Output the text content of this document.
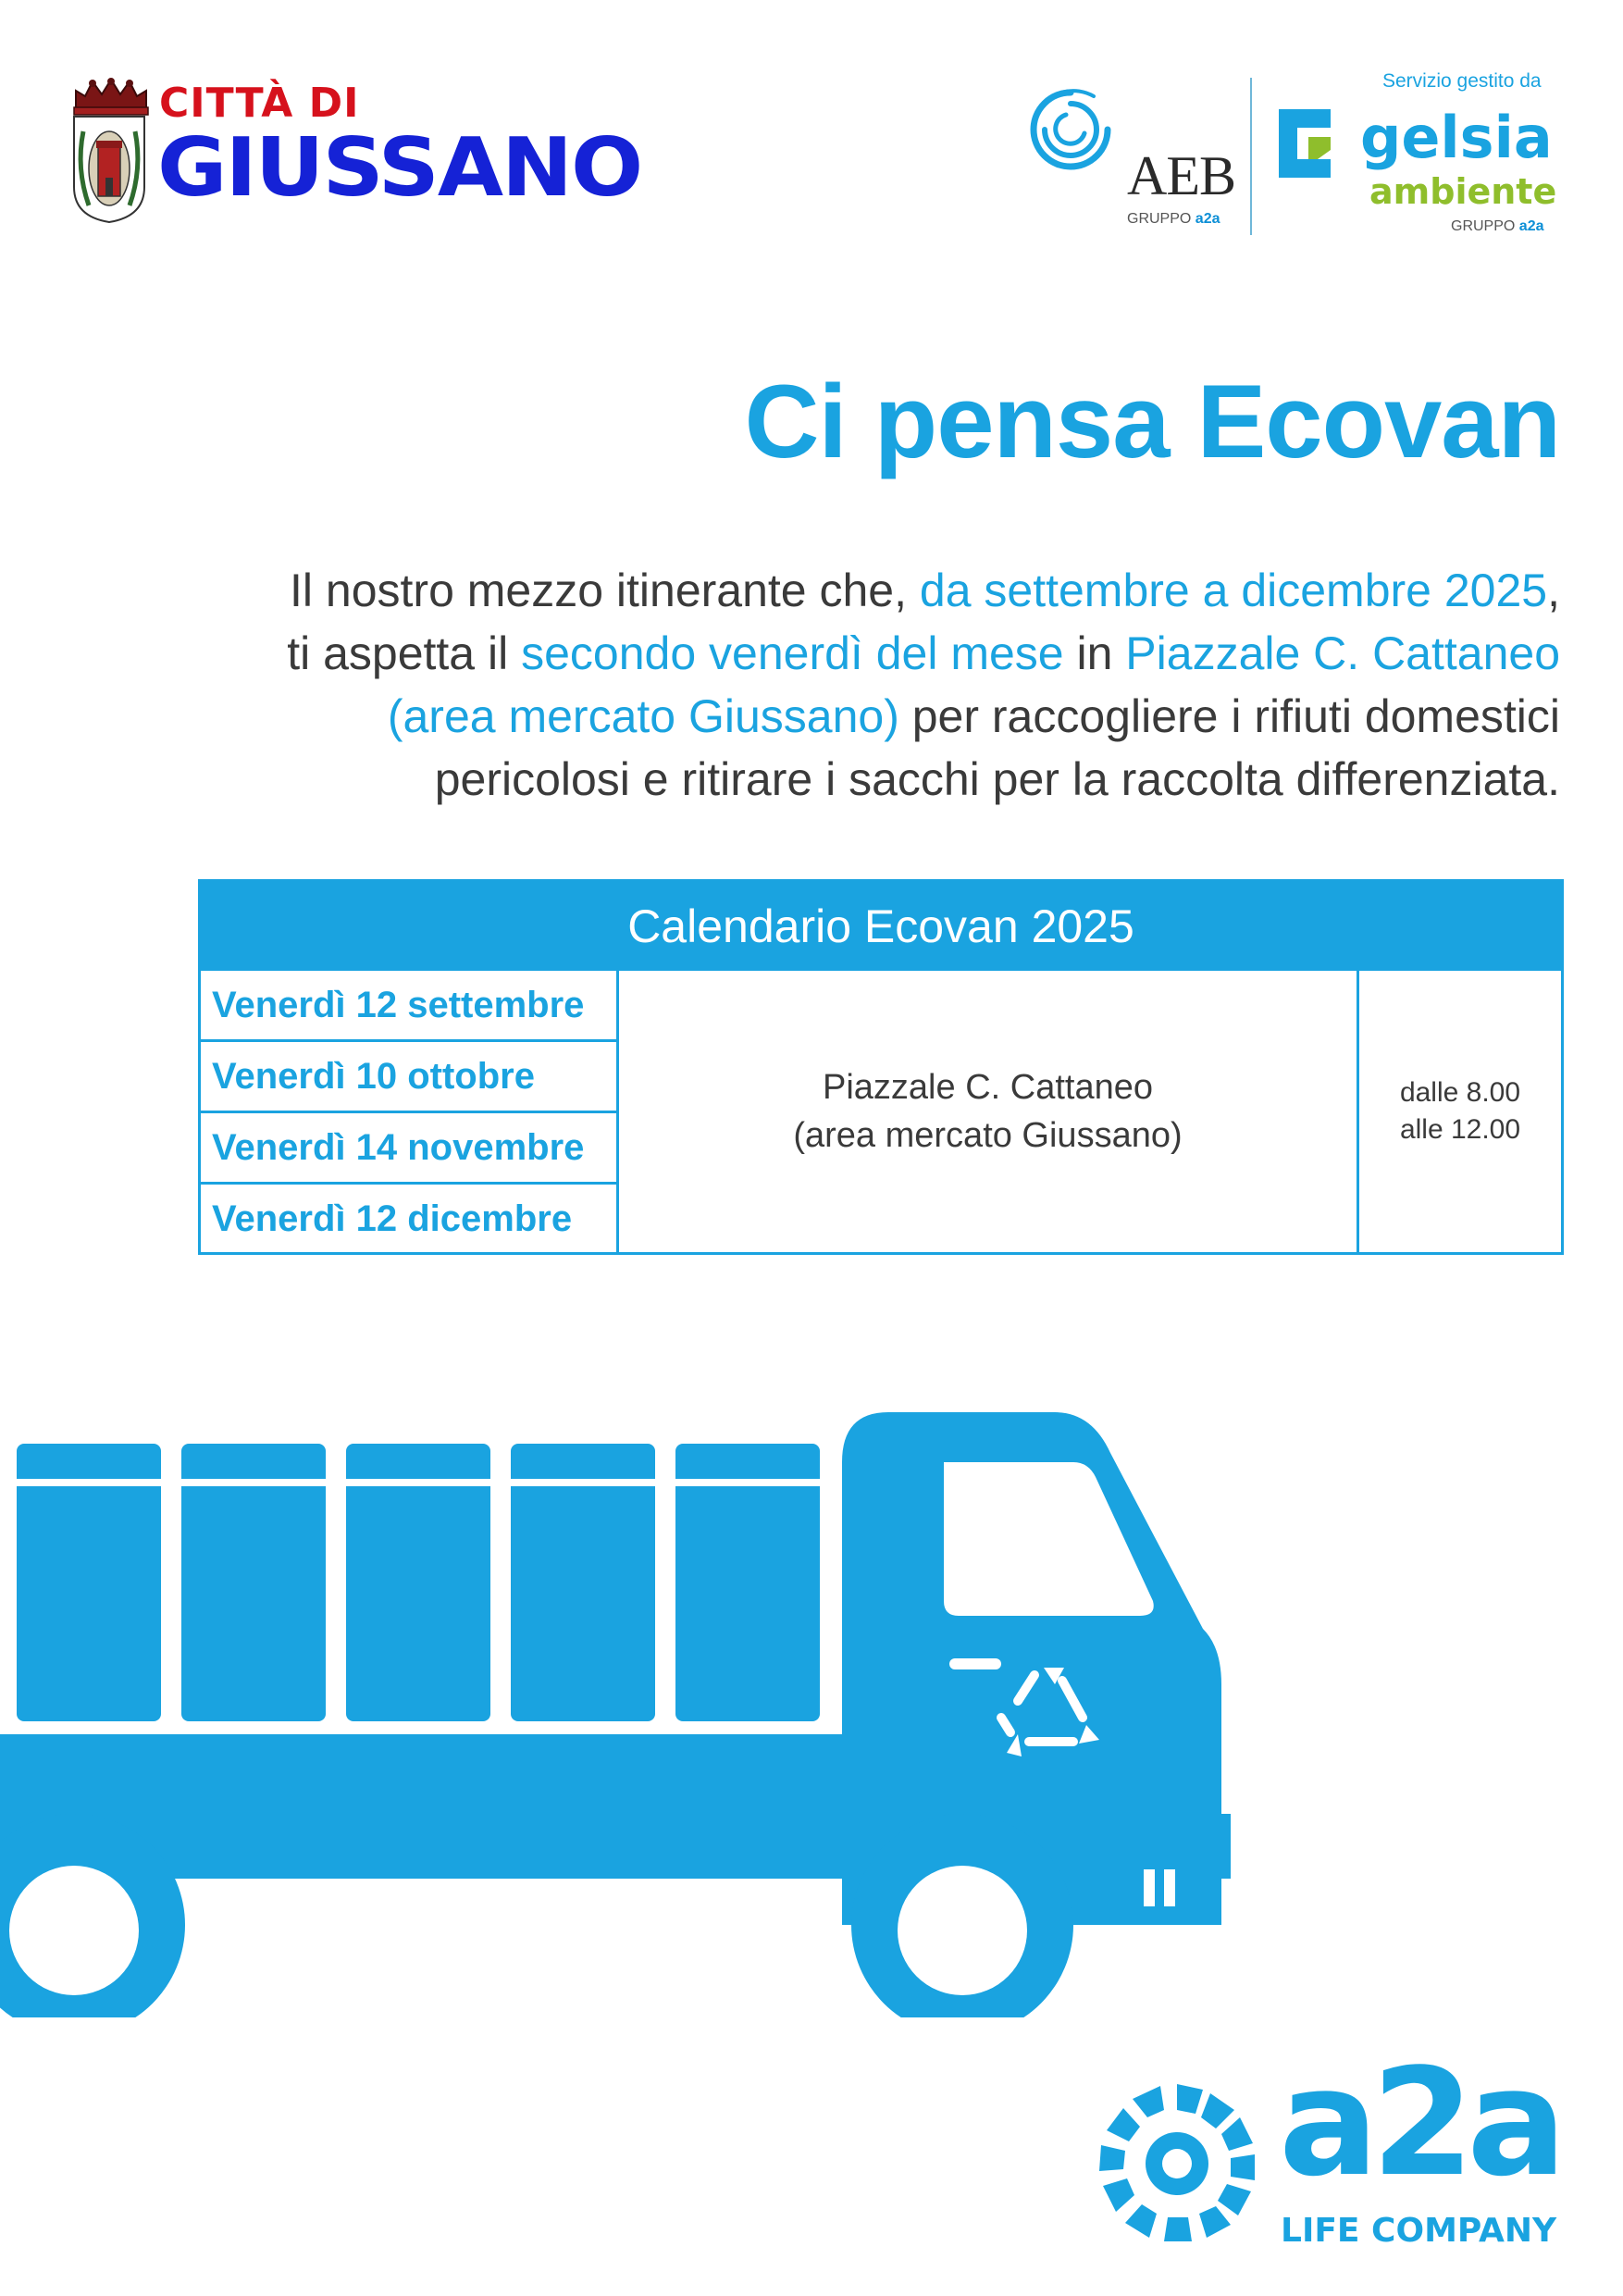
CITTÀ DI
GIUSSANO	AEB
GRUPPO a2a
Servizio gestito da
gelsia
ambiente
GRUPPO a2a
Ci pensa Ecovan
Il nostro mezzo itinerante che, da settembre a dicembre 2025,
ti aspetta il secondo venerdì del mese in Piazzale C. Cattaneo
(area mercato Giussano) per raccogliere i rifiuti domestici
pericolosi e ritirare i sacchi per la raccolta differenziata.
Calendario Ecovan 2025
Venerdì 12 settembre
Venerdì 10 ottobre
Venerdì 14 novembre
Venerdì 12 dicembre
Piazzale C. Cattaneo
(area mercato Giussano)
dalle 8.00
alle 12.00
a2a
LIFE COMPANY
